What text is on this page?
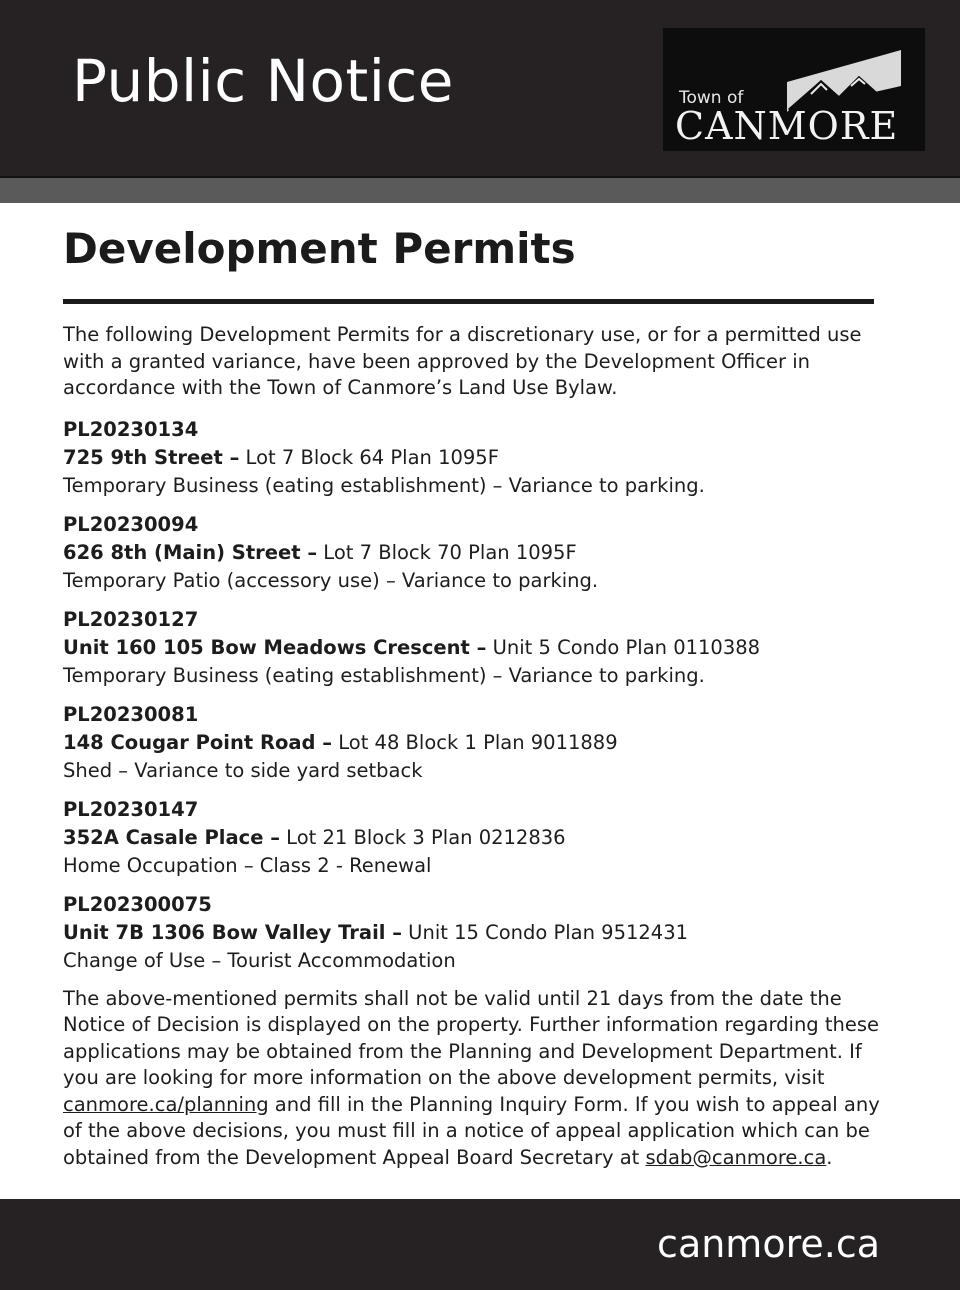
Public Notice	Town of
CANMORE
Development Permits

The following Development Permits for a discretionary use, or for a permitted use with a granted variance, have been approved by the Development Officer in accordance with the Town of Canmore’s Land Use Bylaw.

PL20230134
725 9th Street – Lot 7 Block 64 Plan 1095F
Temporary Business (eating establishment) – Variance to parking.
PL20230094
626 8th (Main) Street – Lot 7 Block 70 Plan 1095F
Temporary Patio (accessory use) – Variance to parking.
PL20230127
Unit 160 105 Bow Meadows Crescent – Unit 5 Condo Plan 0110388
Temporary Business (eating establishment) – Variance to parking.
PL20230081
148 Cougar Point Road – Lot 48 Block 1 Plan 9011889
Shed – Variance to side yard setback
PL20230147
352A Casale Place – Lot 21 Block 3 Plan 0212836
Home Occupation – Class 2 - Renewal
PL202300075
Unit 7B 1306 Bow Valley Trail – Unit 15 Condo Plan 9512431
Change of Use – Tourist Accommodation

The above-mentioned permits shall not be valid until 21 days from the date the Notice of Decision is displayed on the property. Further information regarding these applications may be obtained from the Planning and Development Department. If you are looking for more information on the above development permits, visit canmore.ca/planning and fill in the Planning Inquiry Form. If you wish to appeal any of the above decisions, you must fill in a notice of appeal application which can be obtained from the Development Appeal Board Secretary at sdab@canmore.ca.

canmore.ca
